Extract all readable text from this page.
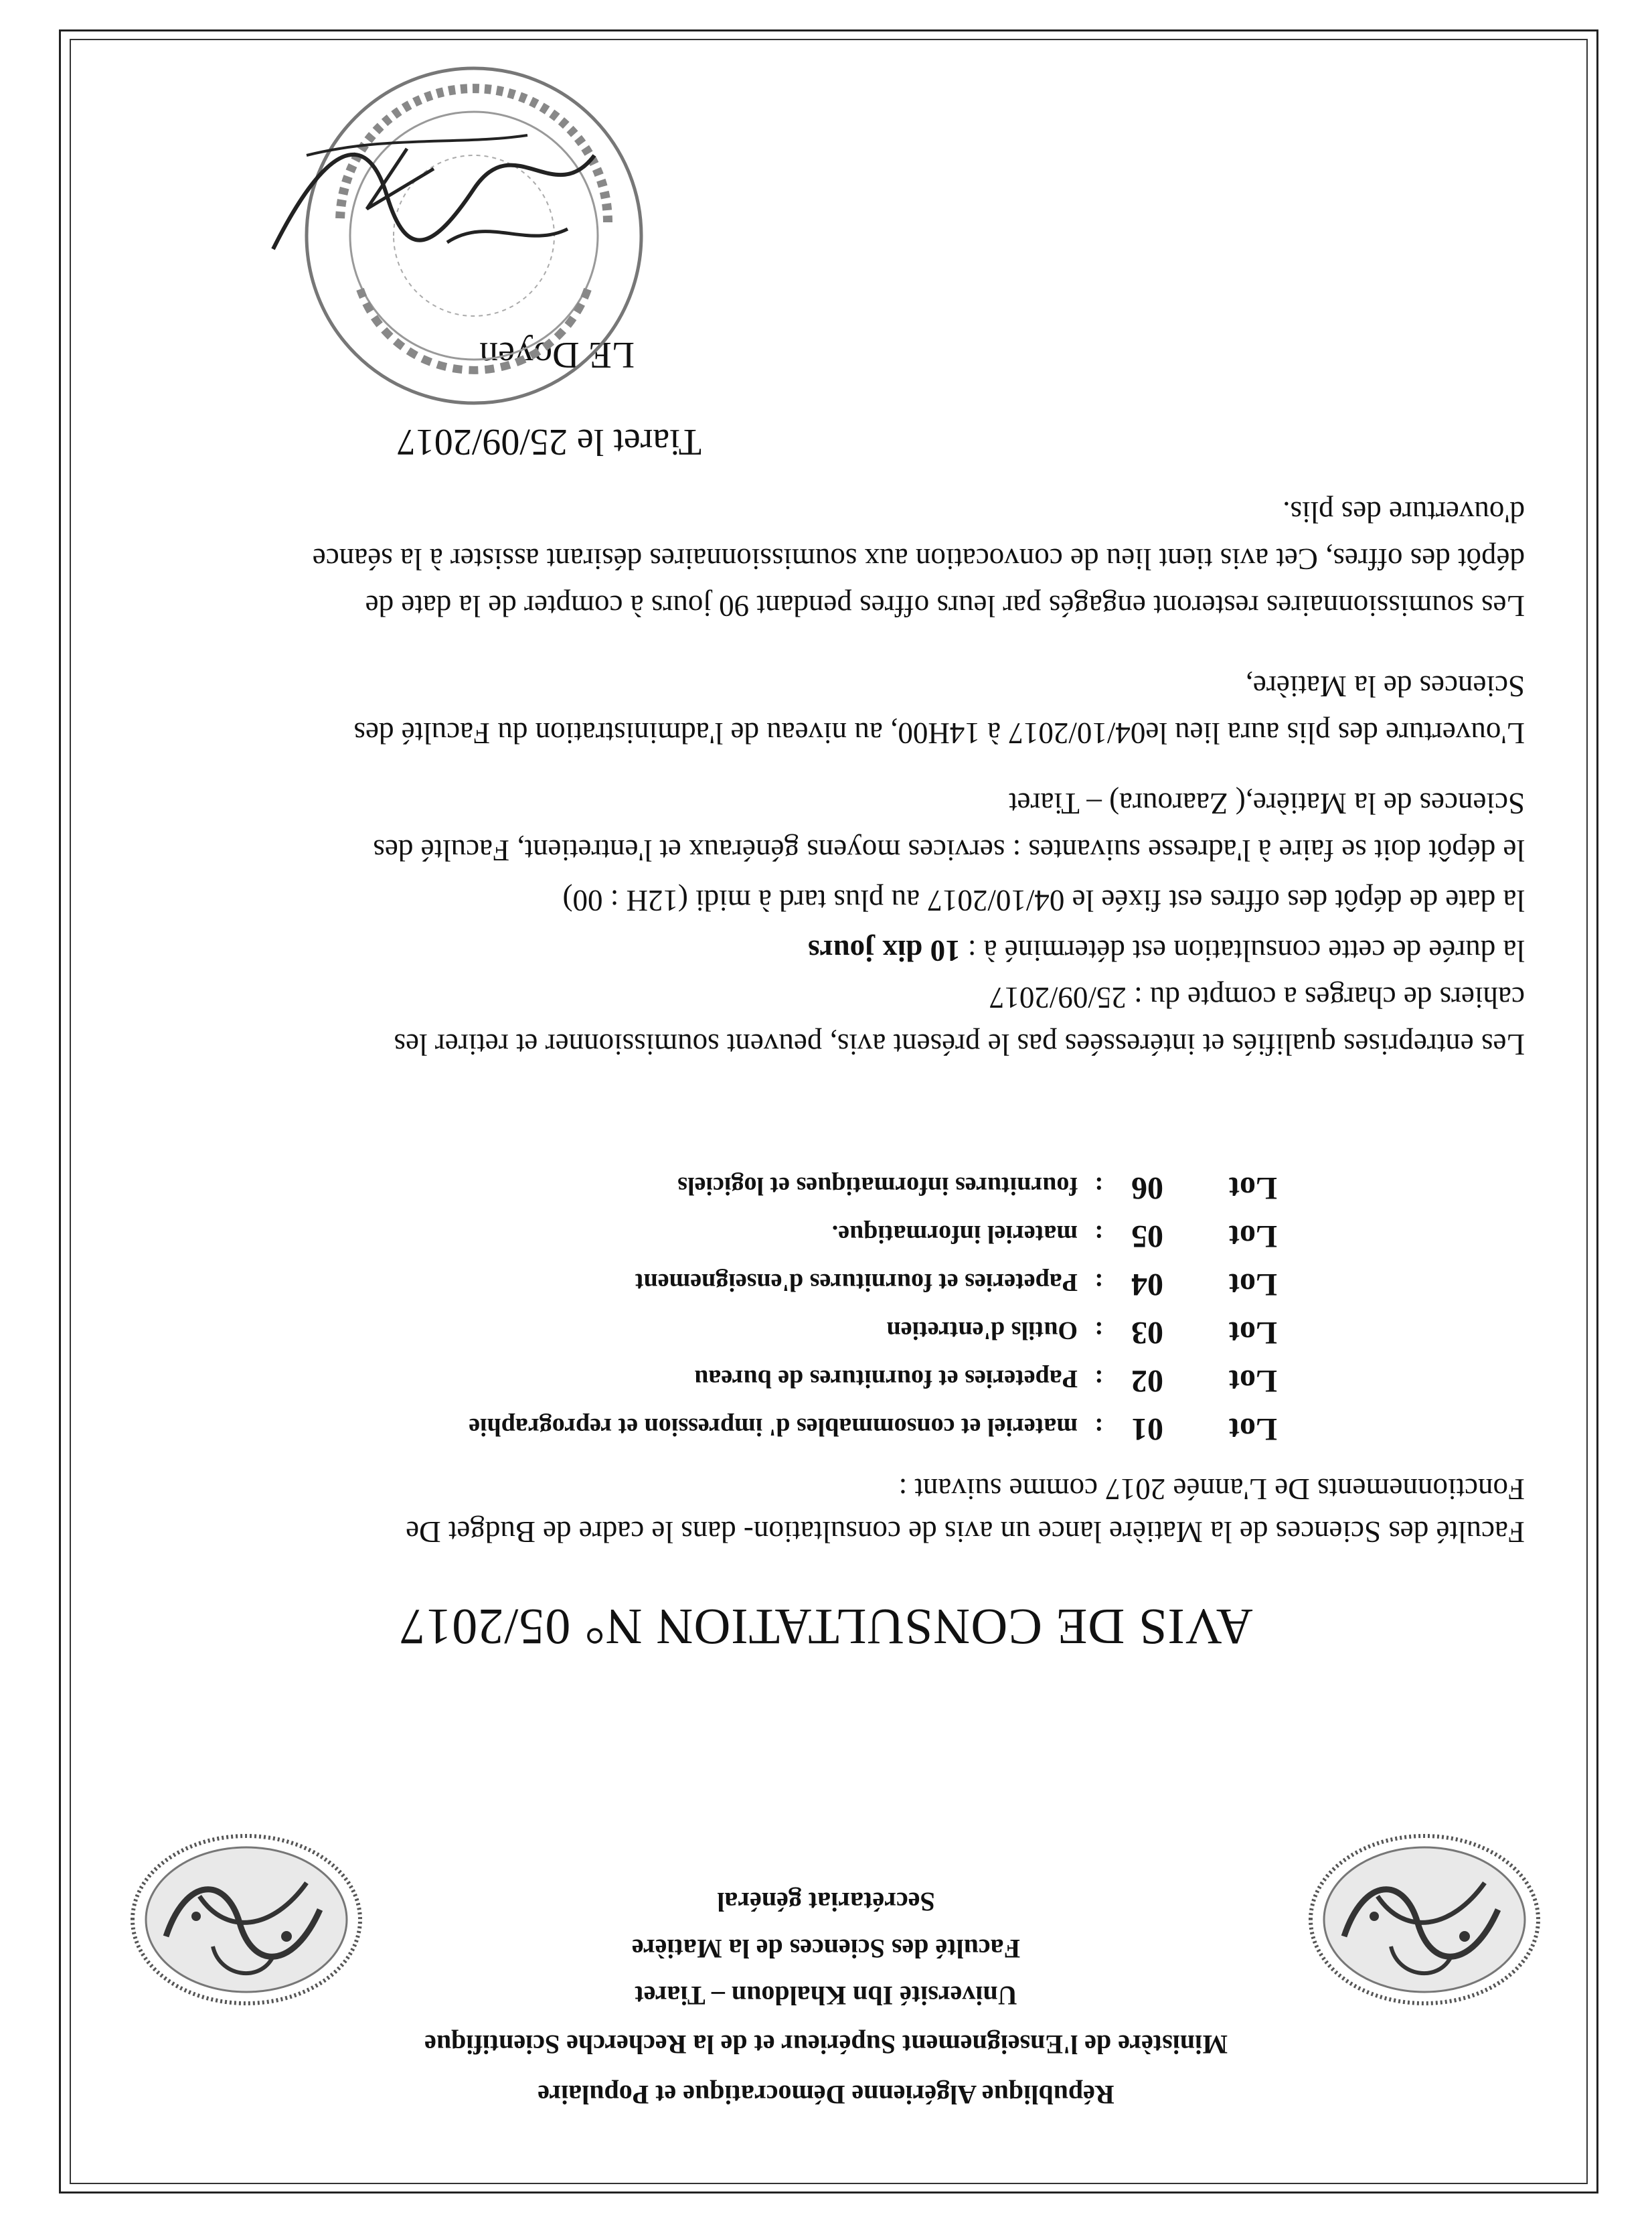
République Algérienne Démocratique et Populaire
Ministère de l'Enseignement Supérieur et de la Recherche Scientifique
Université Ibn Khaldoun – Tiaret
Faculté des Sciences de la Matière
Secrétariat général
AVIS DE CONSULTATION N° 05/2017
Faculté des Sciences de la Matière lance un avis de consultation- dans le cadre de Budget De
Fonctionnements De L'année 2017 comme suivant :
Lot01:materiel et consommables d' impression et reprographie
Lot02:Papeteries et fournitures de bureau
Lot03:Outils d'entretien
Lot04:Papeteries et fournitures d'enseignement
Lot05:materiel informatique.
Lot06:fournitures informatiques et logiciels
Les entreprises qualifiés et intéressées pas le présent avis, peuvent soumissionner et retirer les
cahiers de charges a compte du : 25/09/2017
la durée de cette consultation est déterminé à : 10 dix jours
la date de dépôt des offres est fixée le 04/10/2017 au plus tard à midi (12H : 00)
le dépôt doit se faire à l'adresse suivantes : services moyens généraux et l'entretient, Faculté des
Sciences de la Matière,( Zaaroura) – Tiaret
L'ouverture des plis aura lieu le04/10/2017 à 14H00, au niveau de l'administration du Faculté des
Sciences de la Matière,
Les soumissionnaires resteront engagés par leurs offres pendant 90 jours à compter de la date de
dépôt des offres, Cet avis tient lieu de convocation aux soumissionnaires désirant assister à la séance
d'ouverture des plis.
Tiaret le 25/09/2017
LE Doyen
